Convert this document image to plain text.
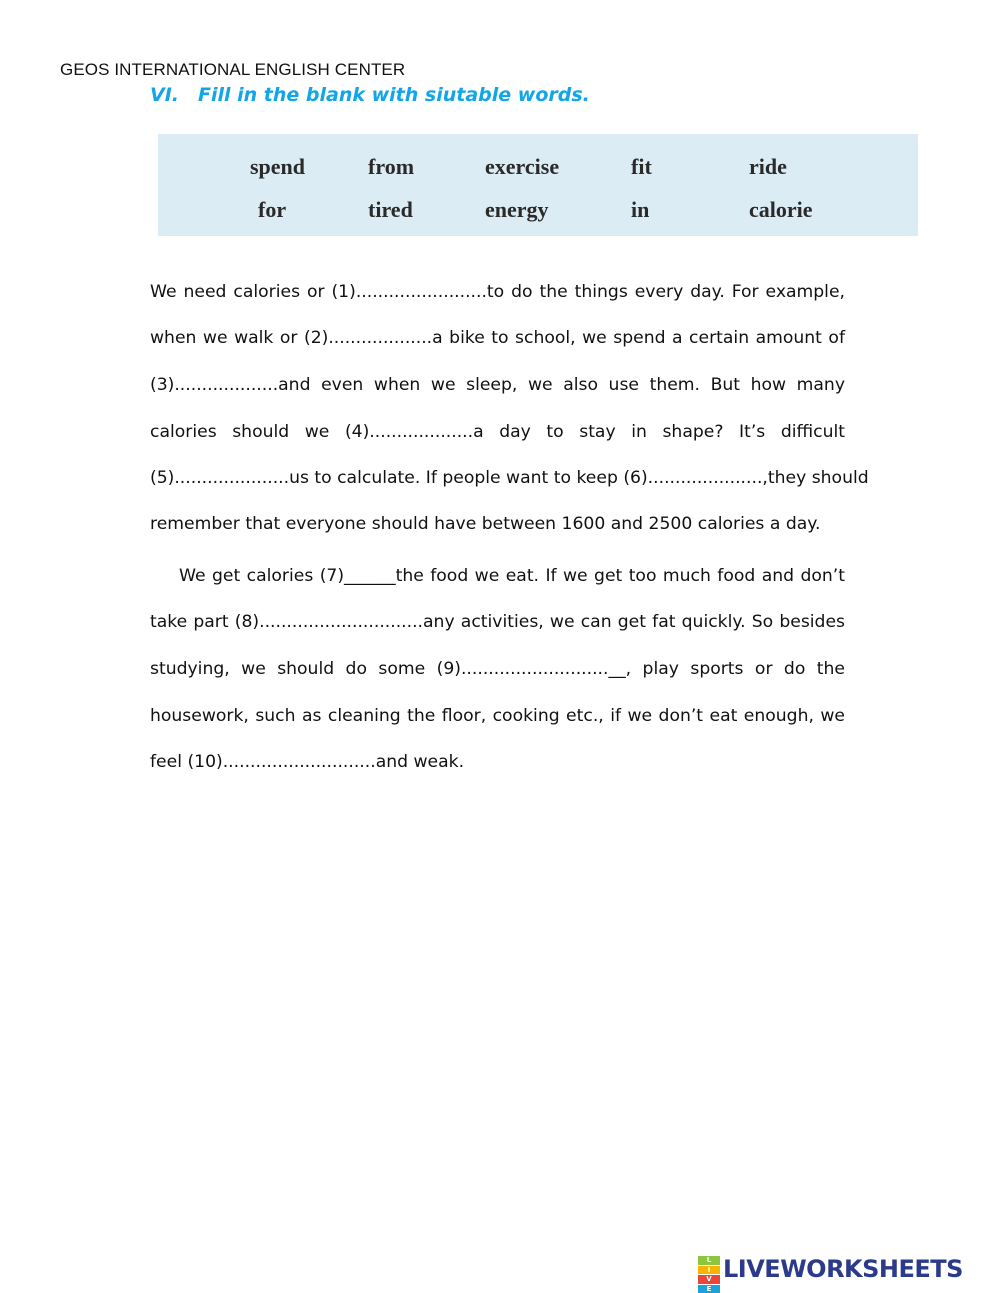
GEOS INTERNATIONAL ENGLISH CENTER
VI. Fill in the blank with siutable words.
spend	from	exercise	fit	ride
for	tired	energy	in	calorie
We need calories or (1)........................to do the things every day. For example,
when we walk or (2)...................a bike to school, we spend a certain amount of
(3)...................and even when we sleep, we also use them. But how many
calories should we (4)...................a day to stay in shape? It’s difficult
(5).....................us to calculate. If people want to keep (6).....................,they should
remember that everyone should have between 1600 and 2500 calories a day.
We get calories (7)______the food we eat. If we get too much food and don’t
take part (8)..............................any activities, we can get fat quickly. So besides
studying, we should do some (9)...........................__, play sports or do the
housework, such as cleaning the floor, cooking etc., if we don’t eat enough, we
feel (10)............................and weak.
L
I
V
E
LIVEWORKSHEETS
